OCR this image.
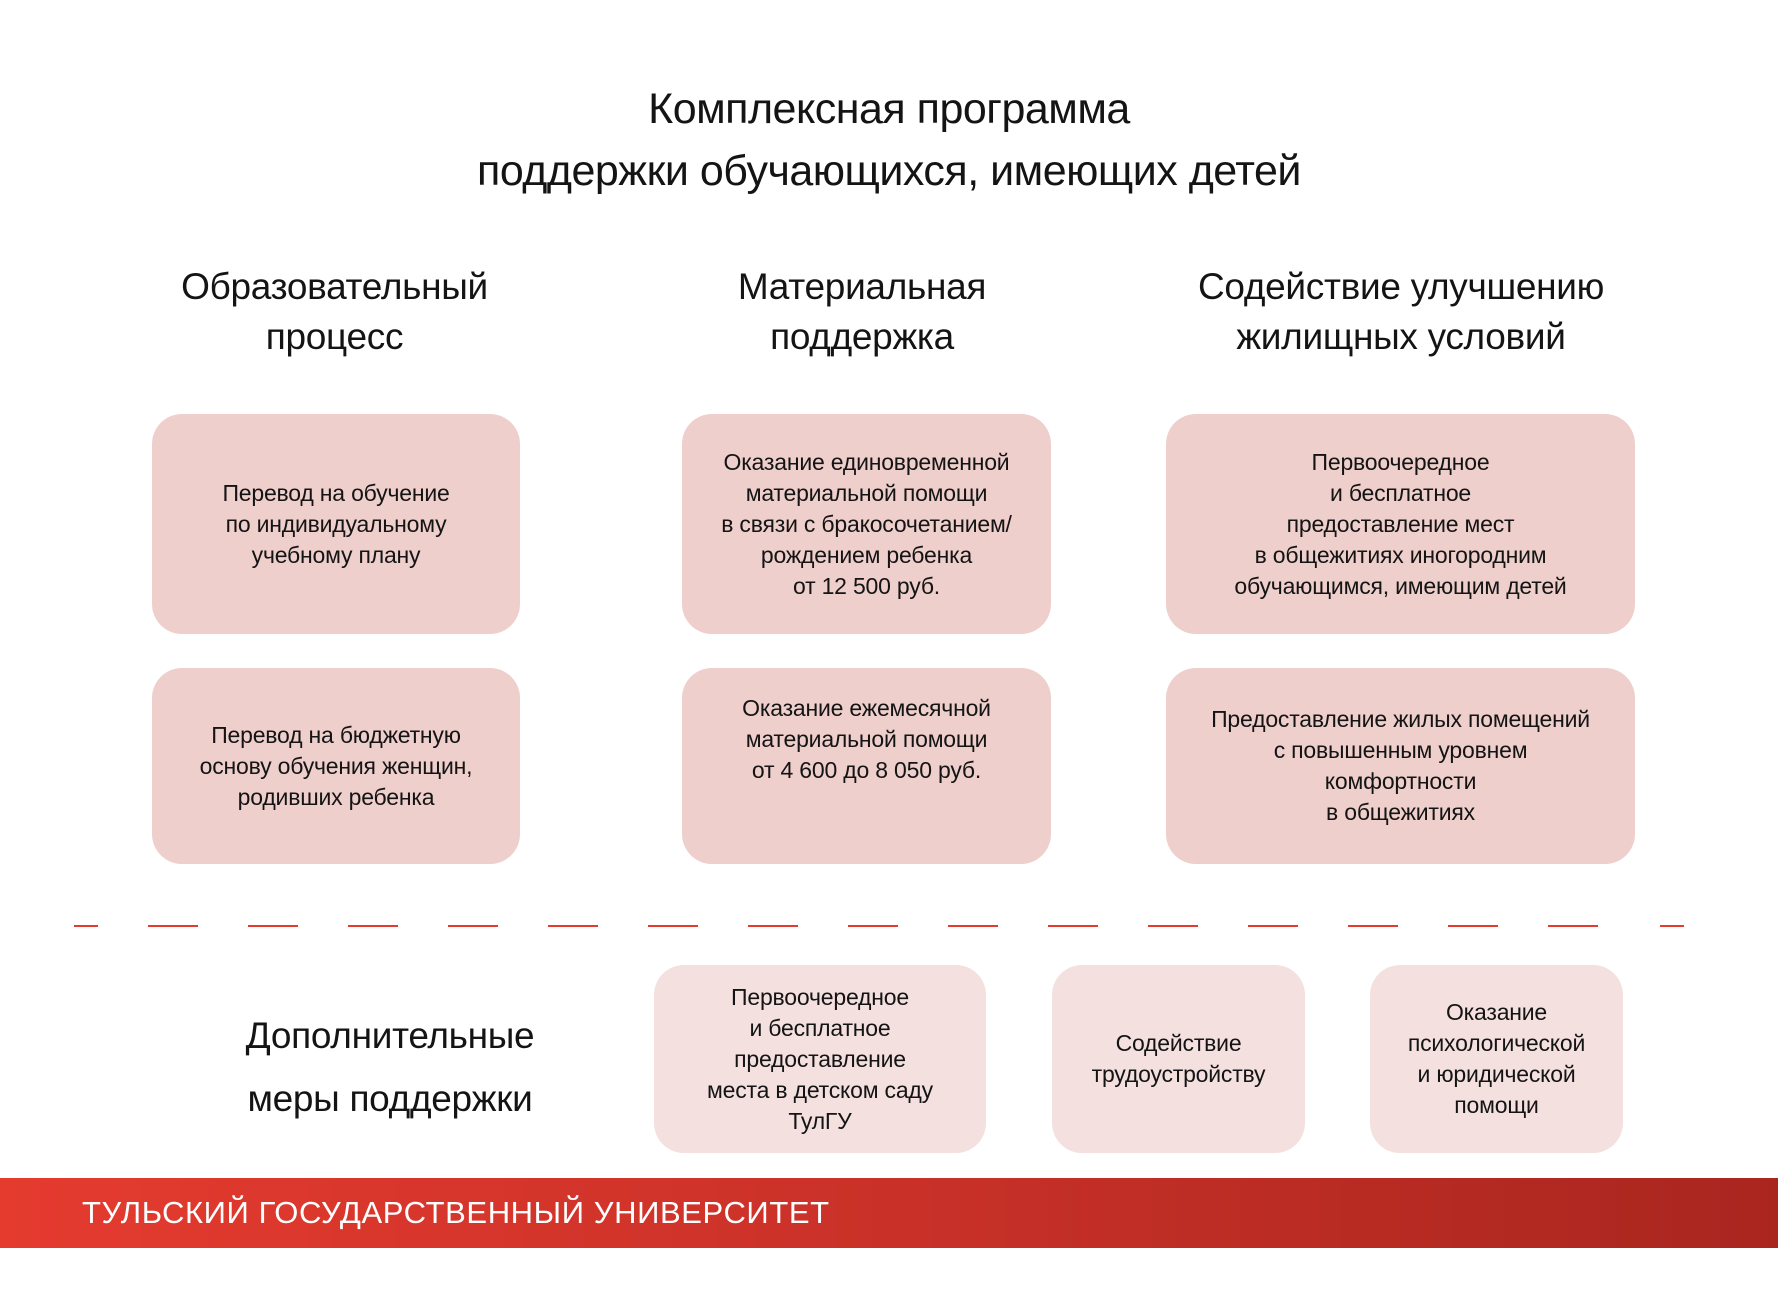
Комплексная программа
поддержки обучающихся, имеющих детей
Образовательный
процесс
Перевод на обучение
по индивидуальному
учебному плану
Перевод на бюджетную
основу обучения женщин,
родивших ребенка
Материальная
поддержка
Оказание единовременной
материальной помощи
в связи с бракосочетанием/
рождением ребенка
от 12 500 руб.
Оказание ежемесячной
материальной помощи
от 4 600 до 8 050 руб.
Содействие улучшению
жилищных условий
Первоочередное
и бесплатное
предоставление мест
в общежитиях иногородним
обучающимся, имеющим детей
Предоставление жилых помещений
с повышенным уровнем
комфортности
в общежитиях
Дополнительные
меры поддержки
Первоочередное
и бесплатное
предоставление
места в детском саду
ТулГУ
Содействие
трудоустройству
Оказание
психологической
и юридической
помощи
ТУЛЬСКИЙ ГОСУДАРСТВЕННЫЙ УНИВЕРСИТЕТ
